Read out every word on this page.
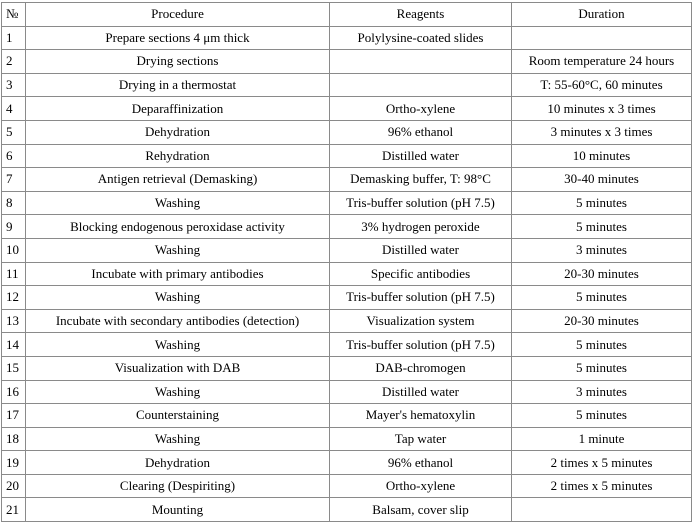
№	Procedure	Reagents	Duration
1	Prepare sections 4 μm thick	Polylysine-coated slides	
2	Drying sections		Room temperature 24 hours
3	Drying in a thermostat		T: 55-60°C, 60 minutes
4	Deparaffinization	Ortho-xylene	10 minutes x 3 times
5	Dehydration	96% ethanol	3 minutes x 3 times
6	Rehydration	Distilled water	10 minutes
7	Antigen retrieval (Demasking)	Demasking buffer, T: 98°C	30-40 minutes
8	Washing	Tris-buffer solution (pH 7.5)	5 minutes
9	Blocking endogenous peroxidase activity	3% hydrogen peroxide	5 minutes
10	Washing	Distilled water	3 minutes
11	Incubate with primary antibodies	Specific antibodies	20-30 minutes
12	Washing	Tris-buffer solution (pH 7.5)	5 minutes
13	Incubate with secondary antibodies (detection)	Visualization system	20-30 minutes
14	Washing	Tris-buffer solution (pH 7.5)	5 minutes
15	Visualization with DAB	DAB-chromogen	5 minutes
16	Washing	Distilled water	3 minutes
17	Counterstaining	Mayer's hematoxylin	5 minutes
18	Washing	Tap water	1 minute
19	Dehydration	96% ethanol	2 times x 5 minutes
20	Clearing (Despiriting)	Ortho-xylene	2 times x 5 minutes
21	Mounting	Balsam, cover slip	
